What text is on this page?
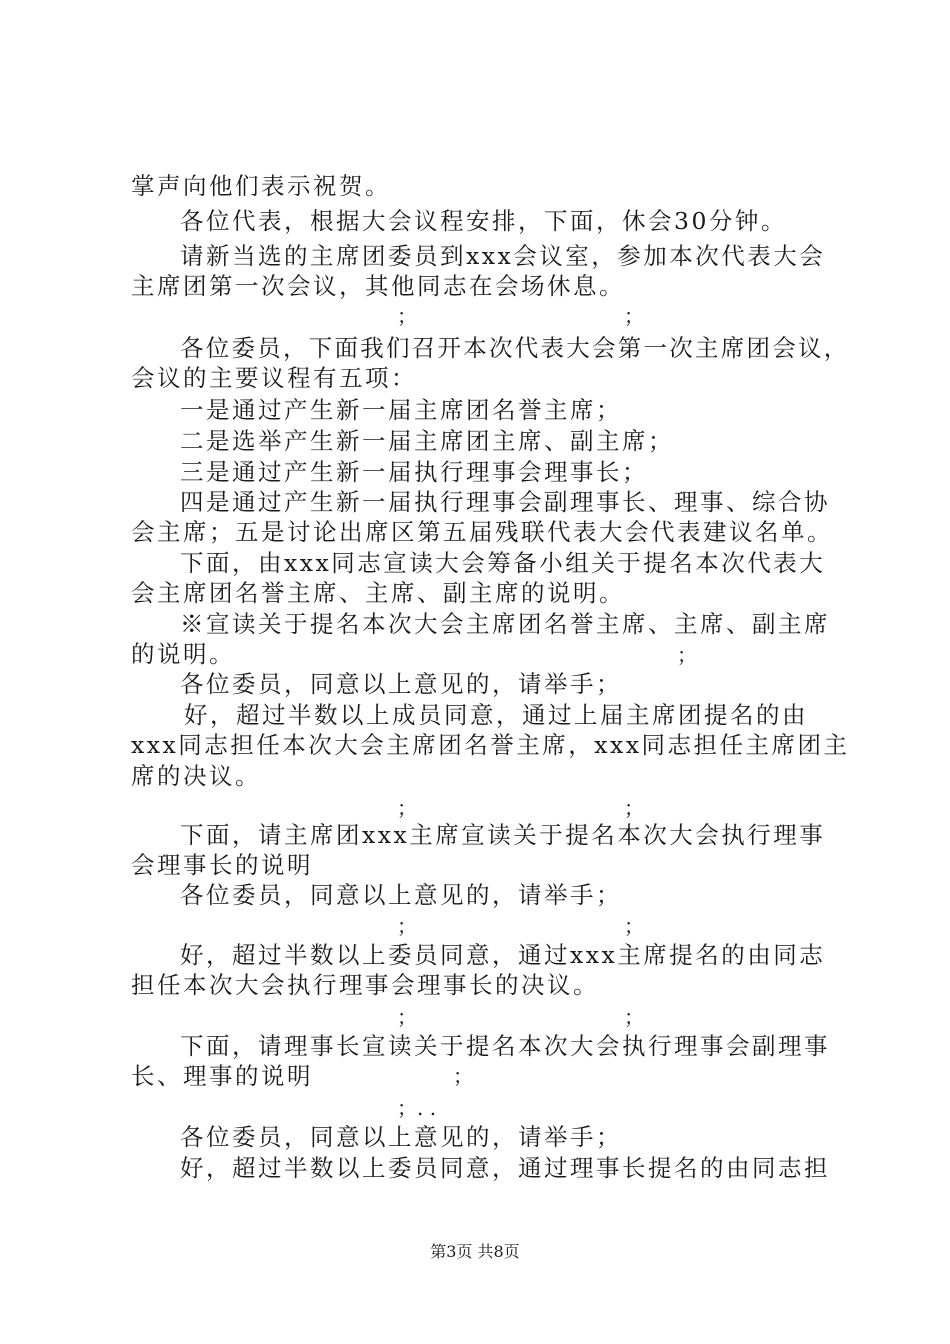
掌声向他们表示祝贺。
各位代表，根据大会议程安排，下面，休会30分钟。
请新当选的主席团委员到xxx会议室，参加本次代表大会
主席团第一次会议，其他同志在会场休息。
；	；
各位委员，下面我们召开本次代表大会第一次主席团会议，
会议的主要议程有五项：
一是通过产生新一届主席团名誉主席；
二是选举产生新一届主席团主席、副主席；
三是通过产生新一届执行理事会理事长；
四是通过产生新一届执行理事会副理事长、理事、综合协
会主席；五是讨论出席区第五届残联代表大会代表建议名单。
下面，由xxx同志宣读大会筹备小组关于提名本次代表大
会主席团名誉主席、主席、副主席的说明。
※宣读关于提名本次大会主席团名誉主席、主席、副主席
的说明。	；
各位委员，同意以上意见的，请举手；
好，超过半数以上成员同意，通过上届主席团提名的由
xxx同志担任本次大会主席团名誉主席，xxx同志担任主席团主
席的决议。
；	；
下面，请主席团xxx主席宣读关于提名本次大会执行理事
会理事长的说明
各位委员，同意以上意见的，请举手；
；	；
好，超过半数以上委员同意，通过xxx主席提名的由同志
担任本次大会执行理事会理事长的决议。
；	；
下面，请理事长宣读关于提名本次大会执行理事会副理事
长、理事的说明	；
；. .
各位委员，同意以上意见的，请举手；
好，超过半数以上委员同意，通过理事长提名的由同志担
第3页 共8页
